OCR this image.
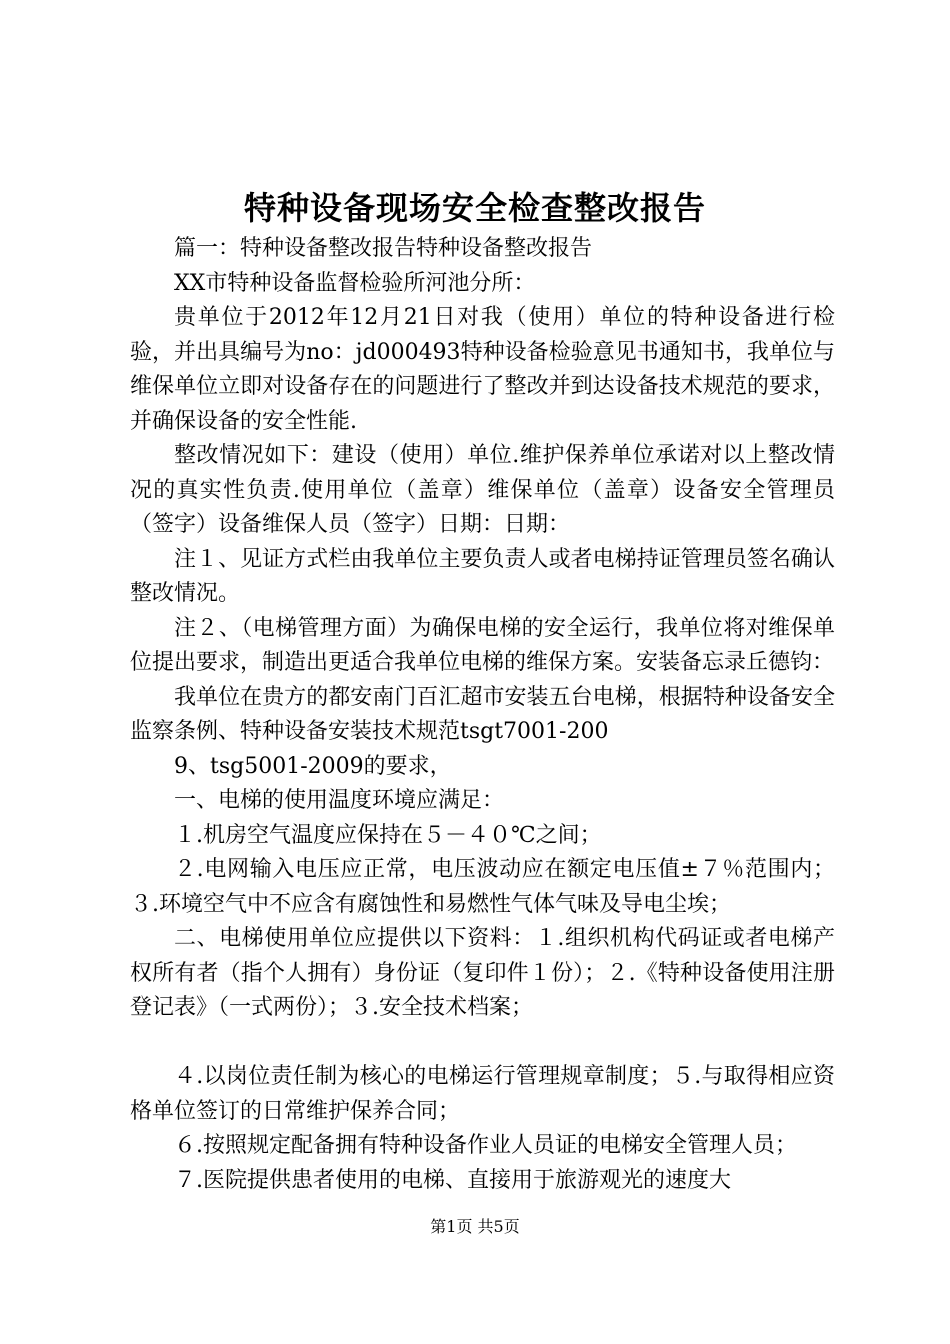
特种设备现场安全检查整改报告

篇一：特种设备整改报告特种设备整改报告

XX市特种设备监督检验所河池分所：

贵单位于2012年12月21日对我（使用）单位的特种设备进行检验，并出具编号为no：jd000493特种设备检验意见书通知书，我单位与维保单位立即对设备存在的问题进行了整改并到达设备技术规范的要求，并确保设备的安全性能.

整改情况如下：建设（使用）单位.维护保养单位承诺对以上整改情况的真实性负责.使用单位（盖章）维保单位（盖章）设备安全管理员（签字）设备维保人员（签字）日期：日期：

注１、见证方式栏由我单位主要负责人或者电梯持证管理员签名确认整改情况。

注２、（电梯管理方面）为确保电梯的安全运行，我单位将对维保单位提出要求，制造出更适合我单位电梯的维保方案。安装备忘录丘德钧：

我单位在贵方的都安南门百汇超市安装五台电梯，根据特种设备安全监察条例、特种设备安装技术规范tsgt7001-200

9、tsg5001-2009的要求，

一、电梯的使用温度环境应满足：

１.机房空气温度应保持在５－４０℃之间；

２.电网输入电压应正常，电压波动应在额定电压值±７％范围内；３.环境空气中不应含有腐蚀性和易燃性气体气味及导电尘埃；

二、电梯使用单位应提供以下资料：１.组织机构代码证或者电梯产权所有者（指个人拥有）身份证（复印件１份）；２.《特种设备使用注册登记表》（一式两份）；３.安全技术档案；

４.以岗位责任制为核心的电梯运行管理规章制度；５.与取得相应资格单位签订的日常维护保养合同；

６.按照规定配备拥有特种设备作业人员证的电梯安全管理人员；

７.医院提供患者使用的电梯、直接用于旅游观光的速度大

第1页 共5页
